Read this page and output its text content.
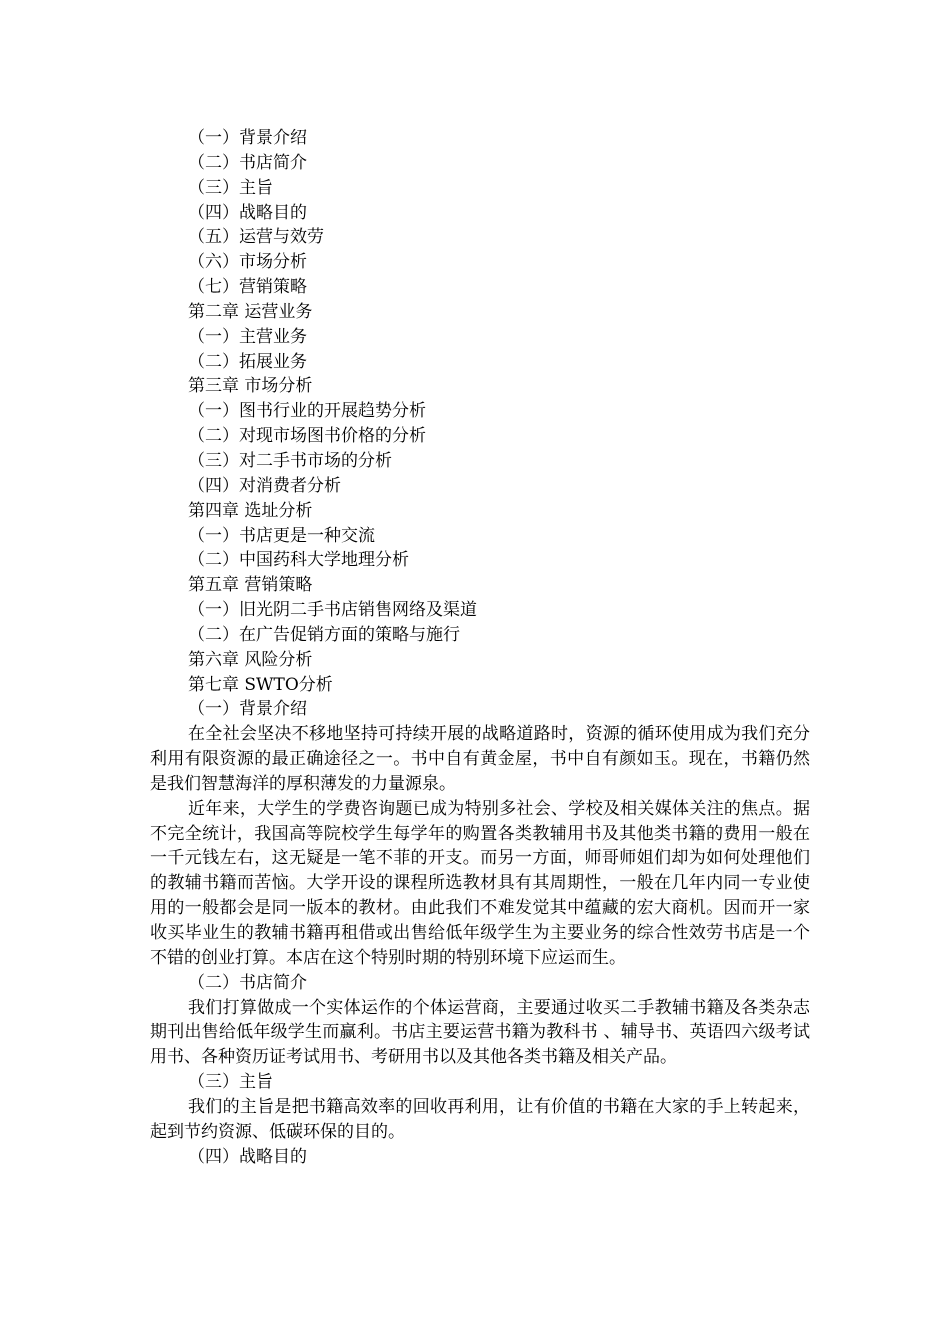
（一）背景介绍
（二）书店简介
（三）主旨
（四）战略目的
（五）运营与效劳
（六）市场分析
（七）营销策略
第二章 运营业务
（一）主营业务
（二）拓展业务
第三章 市场分析
（一）图书行业的开展趋势分析
（二）对现市场图书价格的分析
（三）对二手书市场的分析
（四）对消费者分析
第四章 选址分析
（一）书店更是一种交流
（二）中国药科大学地理分析
第五章 营销策略
（一）旧光阴二手书店销售网络及渠道
（二）在广告促销方面的策略与施行
第六章 风险分析
第七章 SWTO分析
（一）背景介绍

在全社会坚决不移地坚持可持续开展的战略道路时，资源的循环使用成为我们充分利用有限资源的最正确途径之一。书中自有黄金屋，书中自有颜如玉。现在，书籍仍然是我们智慧海洋的厚积薄发的力量源泉。

近年来，大学生的学费咨询题已成为特别多社会、学校及相关媒体关注的焦点。据不完全统计，我国高等院校学生每学年的购置各类教辅用书及其他类书籍的费用一般在一千元钱左右，这无疑是一笔不菲的开支。而另一方面，师哥师姐们却为如何处理他们的教辅书籍而苦恼。大学开设的课程所选教材具有其周期性，一般在几年内同一专业使用的一般都会是同一版本的教材。由此我们不难发觉其中蕴藏的宏大商机。因而开一家收买毕业生的教辅书籍再租借或出售给低年级学生为主要业务的综合性效劳书店是一个不错的创业打算。本店在这个特别时期的特别环境下应运而生。

（二）书店简介

我们打算做成一个实体运作的个体运营商，主要通过收买二手教辅书籍及各类杂志期刊出售给低年级学生而赢利。书店主要运营书籍为教科书 、辅导书、英语四六级考试用书、各种资历证考试用书、考研用书以及其他各类书籍及相关产品。

（三）主旨

我们的主旨是把书籍高效率的回收再利用，让有价值的书籍在大家的手上转起来，起到节约资源、低碳环保的目的。

（四）战略目的
